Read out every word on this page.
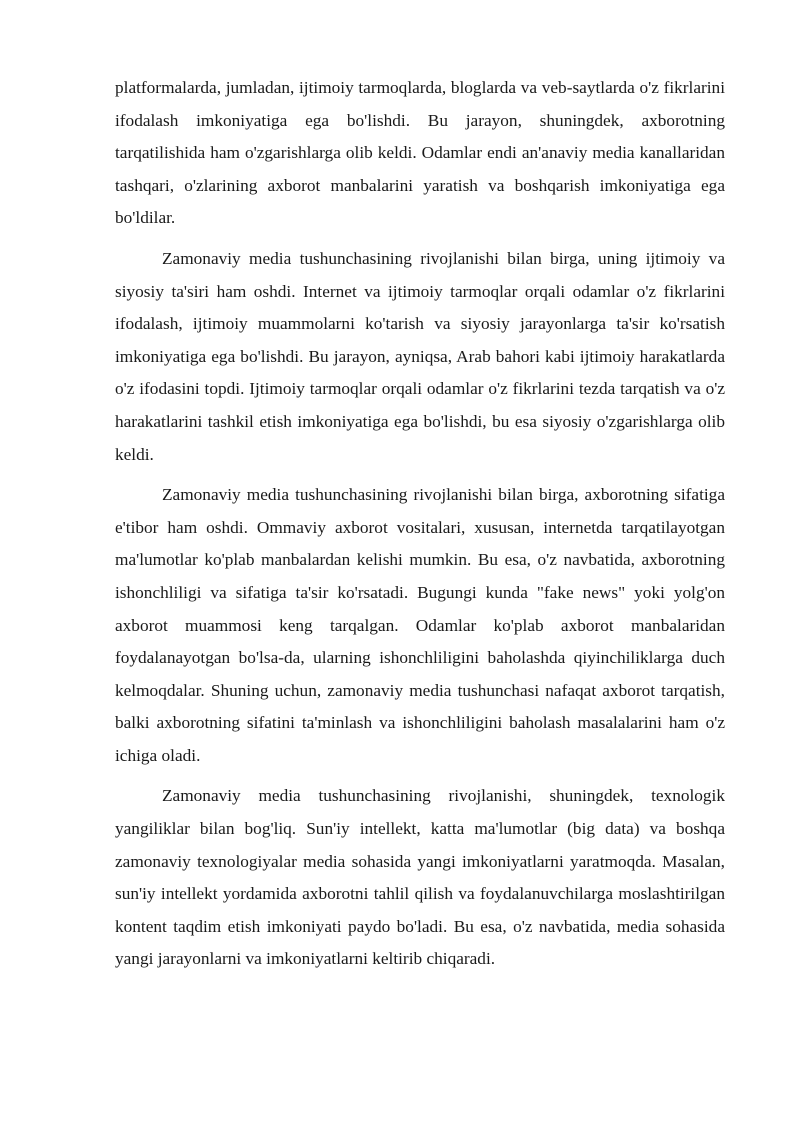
platformalarda, jumladan, ijtimoiy tarmoqlarda, bloglarda va veb-saytlarda o'z fikrlarini ifodalash imkoniyatiga ega bo'lishdi. Bu jarayon, shuningdek, axborotning tarqatilishida ham o'zgarishlarga olib keldi. Odamlar endi an'anaviy media kanallaridan tashqari, o'zlarining axborot manbalarini yaratish va boshqarish imkoniyatiga ega bo'ldilar.

Zamonaviy media tushunchasining rivojlanishi bilan birga, uning ijtimoiy va siyosiy ta'siri ham oshdi. Internet va ijtimoiy tarmoqlar orqali odamlar o'z fikrlarini ifodalash, ijtimoiy muammolarni ko'tarish va siyosiy jarayonlarga ta'sir ko'rsatish imkoniyatiga ega bo'lishdi. Bu jarayon, ayniqsa, Arab bahori kabi ijtimoiy harakatlarda o'z ifodasini topdi. Ijtimoiy tarmoqlar orqali odamlar o'z fikrlarini tezda tarqatish va o'z harakatlarini tashkil etish imkoniyatiga ega bo'lishdi, bu esa siyosiy o'zgarishlarga olib keldi.

Zamonaviy media tushunchasining rivojlanishi bilan birga, axborotning sifatiga e'tibor ham oshdi. Ommaviy axborot vositalari, xususan, internetda tarqatilayotgan ma'lumotlar ko'plab manbalardan kelishi mumkin. Bu esa, o'z navbatida, axborotning ishonchliligi va sifatiga ta'sir ko'rsatadi. Bugungi kunda "fake news" yoki yolg'on axborot muammosi keng tarqalgan. Odamlar ko'plab axborot manbalaridan foydalanayotgan bo'lsa-da, ularning ishonchliligini baholashda qiyinchiliklarga duch kelmoqdalar. Shuning uchun, zamonaviy media tushunchasi nafaqat axborot tarqatish, balki axborotning sifatini ta'minlash va ishonchliligini baholash masalalarini ham o'z ichiga oladi.

Zamonaviy media tushunchasining rivojlanishi, shuningdek, texnologik yangiliklar bilan bog'liq. Sun'iy intellekt, katta ma'lumotlar (big data) va boshqa zamonaviy texnologiyalar media sohasida yangi imkoniyatlarni yaratmoqda. Masalan, sun'iy intellekt yordamida axborotni tahlil qilish va foydalanuvchilarga moslashtirilgan kontent taqdim etish imkoniyati paydo bo'ladi. Bu esa, o'z navbatida, media sohasida yangi jarayonlarni va imkoniyatlarni keltirib chiqaradi.
